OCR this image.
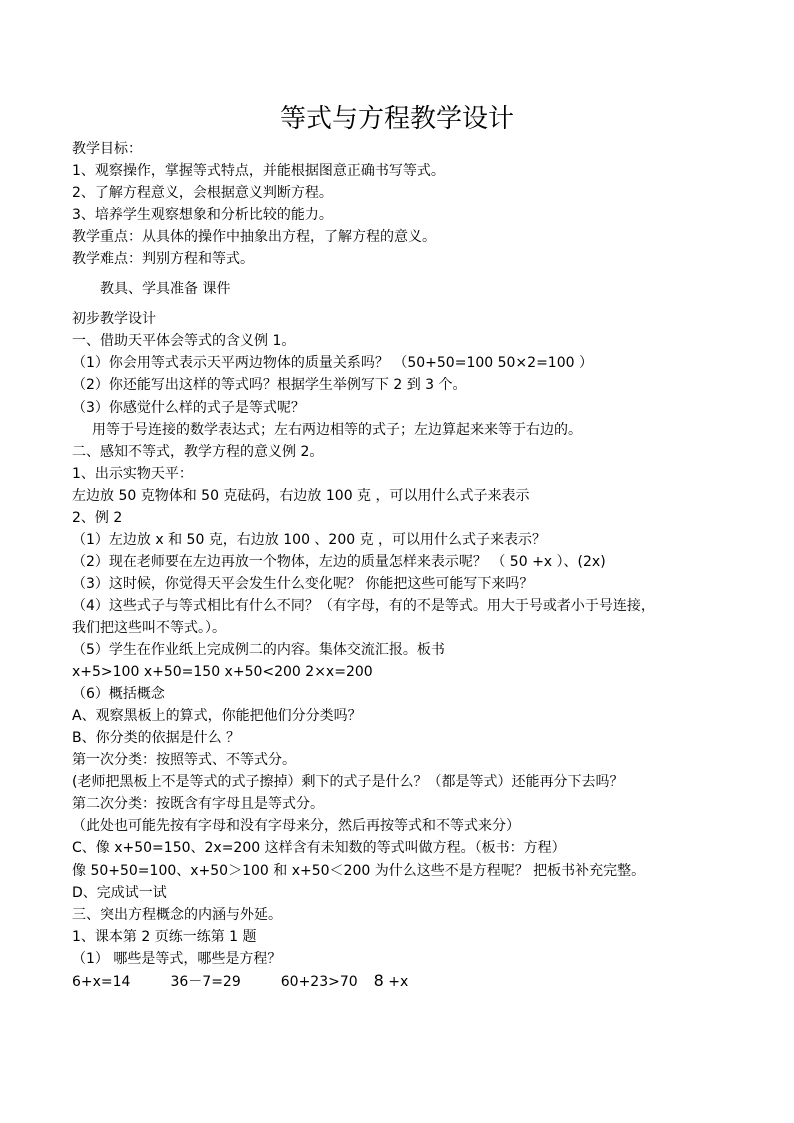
等式与方程教学设计
教学目标：
1、观察操作，掌握等式特点，并能根据图意正确书写等式。
2、了解方程意义，会根据意义判断方程。
3、培养学生观察想象和分析比较的能力。
教学重点：从具体的操作中抽象出方程，了解方程的意义。
教学难点：判别方程和等式。
教具、学具准备 课件
初步教学设计
一、借助天平体会等式的含义例 1。
（1）你会用等式表示天平两边物体的质量关系吗？ （50+50=100 50×2=100 ）
（2）你还能写出这样的等式吗？根据学生举例写下 2 到 3 个。
（3）你感觉什么样的式子是等式呢？
用等于号连接的数学表达式；左右两边相等的式子；左边算起来来等于右边的。
二、感知不等式，教学方程的意义例 2。
1、出示实物天平：
左边放 50 克物体和 50 克砝码，右边放 100 克 ，可以用什么式子来表示
2、例 2
（1）左边放 x 和 50 克，右边放 100 、200 克 ，可以用什么式子来表示？
（2）现在老师要在左边再放一个物体，左边的质量怎样来表示呢？ （ 50 +x ）、(2x)
（3）这时候，你觉得天平会发生什么变化呢？ 你能把这些可能写下来吗？
（4）这些式子与等式相比有什么不同？（有字母，有的不是等式。用大于号或者小于号连接，
我们把这些叫不等式。）。
（5）学生在作业纸上完成例二的内容。集体交流汇报。板书
x+5>100 x+50=150 x+50<200 2×x=200
（6）概括概念
A、观察黑板上的算式，你能把他们分分类吗？
B、你分类的依据是什么 ？
第一次分类：按照等式、不等式分。
(老师把黑板上不是等式的式子擦掉）剩下的式子是什么？（都是等式）还能再分下去吗？
第二次分类：按既含有字母且是等式分。
（此处也可能先按有字母和没有字母来分，然后再按等式和不等式来分）
C、像 x+50=150、2x=200 这样含有未知数的等式叫做方程。（板书：方程）
像 50+50=100、x+50＞100 和 x+50＜200 为什么这些不是方程呢？ 把板书补充完整。
D、完成试一试
三、突出方程概念的内涵与外延。
1、课本第 2 页练一练第 1 题
（1） 哪些是等式，哪些是方程？
6+x=14	36－7=29	60+23>70 8 +x
